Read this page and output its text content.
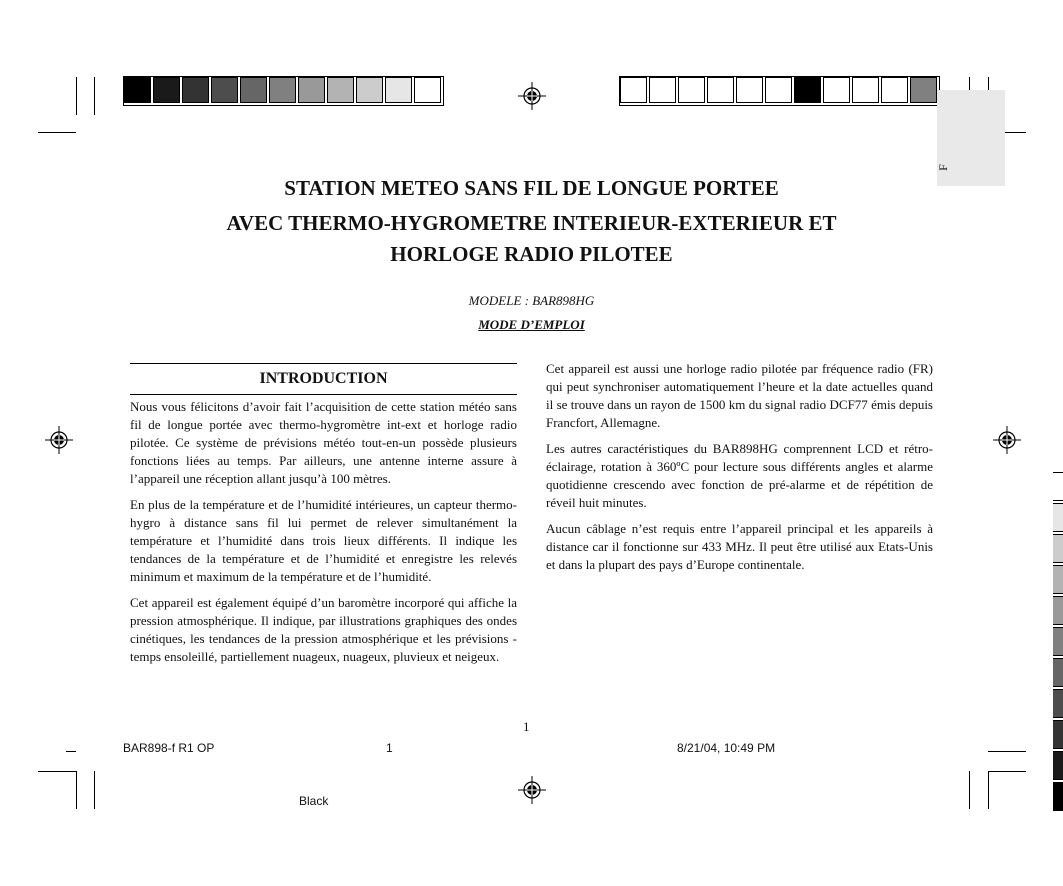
F
STATION METEO SANS FIL DE LONGUE PORTEE
AVEC THERMO-HYGROMETRE INTERIEUR-EXTERIEUR ET
HORLOGE RADIO PILOTEE
MODELE : BAR898HG
MODE D’EMPLOI
INTRODUCTION

Nous vous félicitons d’avoir fait l’acquisition de cette station météo sans fil de longue portée avec thermo-hygromètre int-ext et horloge radio pilotée. Ce système de prévisions météo tout-en-un possède plusieurs fonctions liées au temps. Par ailleurs, une antenne interne assure à l’appareil une réception allant jusqu’à 100 mètres.

En plus de la température et de l’humidité intérieures, un capteur thermo-hygro à distance sans fil lui permet de relever simultanément la température et l’humidité dans trois lieux différents. Il indique les tendances de la température et de l’humidité et enregistre les relevés minimum et maximum de la température et de l’humidité.

Cet appareil est également équipé d’un baromètre incorporé qui affiche la pression atmosphérique. Il indique, par illustrations graphiques des ondes cinétiques, les tendances de la pression atmosphérique et les prévisions - temps ensoleillé, partiellement nuageux, nuageux, pluvieux et neigeux.

Cet appareil est aussi une horloge radio pilotée par fréquence radio (FR) qui peut synchroniser automatiquement l’heure et la date actuelles quand il se trouve dans un rayon de 1500 km du signal radio DCF77 émis depuis Francfort, Allemagne.

Les autres caractéristiques du BAR898HG comprennent LCD et rétro-éclairage, rotation à 360ºC pour lecture sous différents angles et alarme quotidienne crescendo avec fonction de pré-alarme et de répétition de réveil huit minutes.

Aucun câblage n’est requis entre l’appareil principal et les appareils à distance car il fonctionne sur 433 MHz. Il peut être utilisé aux Etats-Unis et dans la plupart des pays d’Europe continentale.

1
BAR898-f R1 OP	1	8/21/04, 10:49 PM
Black
